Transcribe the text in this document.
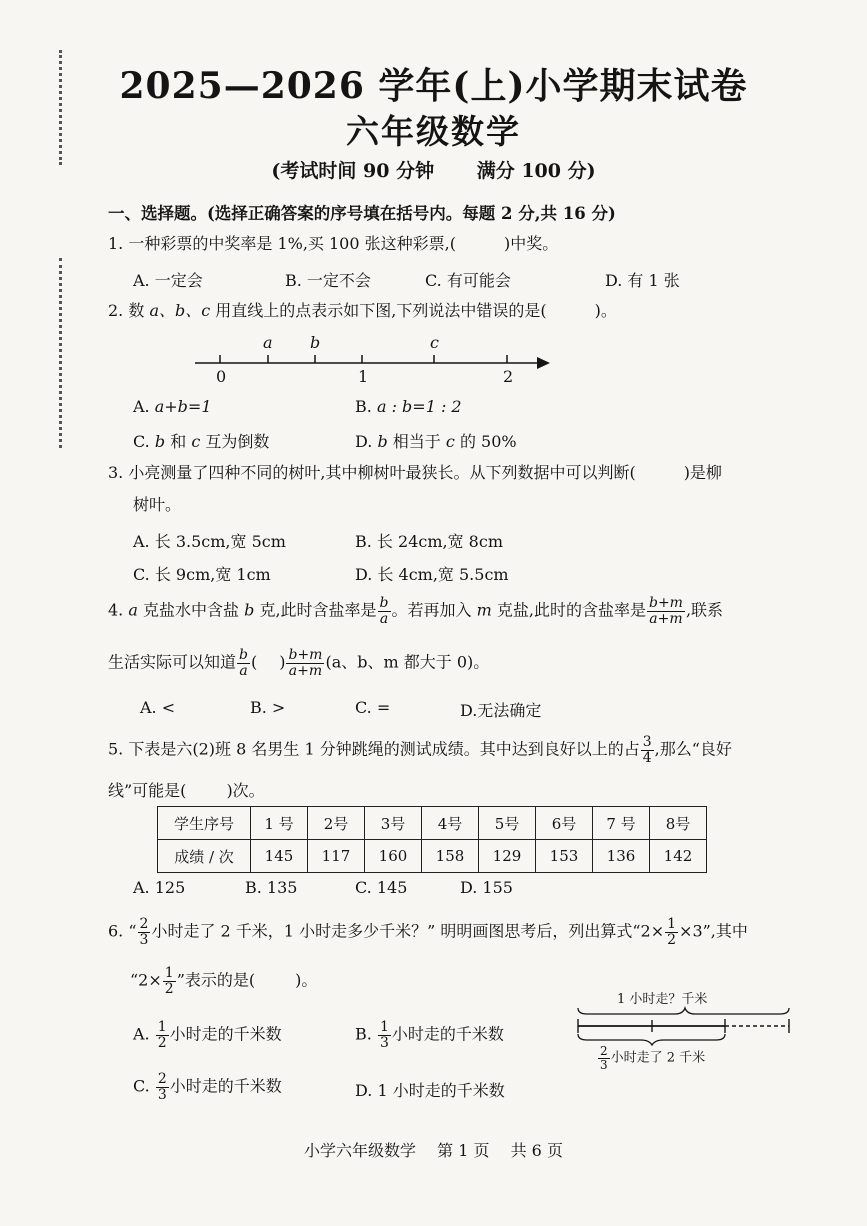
2025—2026 学年(上)小学期末试卷
六年级数学
(考试时间 90 分钟 满分 100 分)
一、选择题。(选择正确答案的序号填在括号内。每题 2 分,共 16 分)
1. 一种彩票的中奖率是 1%,买 100 张这种彩票,(	)中奖。
A. 一定会	B. 一定不会	C. 有可能会	D. 有 1 张
2. 数 a、b、c 用直线上的点表示如下图,下列说法中错误的是(	)。
a b	c
0	1	2
A. a+b=1	B. a : b=1 : 2
C. b 和 c 互为倒数	D. b 相当于 c 的 50%
3. 小亮测量了四种不同的树叶,其中柳树叶最狭长。从下列数据中可以判断(	)是柳
树叶。
A. 长 3.5cm,宽 5cm	B. 长 24cm,宽 8cm
C. 长 9cm,宽 1cm	D. 长 4cm,宽 5.5cm
4. a 克盐水中含盐 b 克,此时含盐率是 $\frac{b}{a}$ 。若再加入 m 克盐,此时的含盐率是 $\frac{b+m}{a+m}$ ,联系
生活实际可以知道 $\frac{b}{a}$ ( ) $\frac{b+m}{a+m} (a$、b、m 都大于 0)。
A. <	B. >	C. =	D.无法确定
5. 下表是六(2)班 8 名男生 1 分钟跳绳的测试成绩。其中达到良好以上的占 $\frac{3}{4}$ ,那么“良好
线”可能是(	)次。
学生序号	1 号	2号	3号	4号	5号	6号	7 号	8号
成绩 / 次	145	117	160	158	129	153	136	142
A. 125	B. 135	C. 145	D. 155
6. “ $\frac{2}{3}$ 小时走了 2 千米，1 小时走多少千米？” 明明画图思考后，列出算式“$2\times \frac{1}{2} \times 3$”,其中
“$2\times \frac{1}{2}$ ”表示的是(	)。
A. $\frac{1}{2}$ 小时走的千米数	B. $\frac{1}{3}$ 小时走的千米数
C. $\frac{2}{3}$ 小时走的千米数	D. 1 小时走的千米数
1 小时走？千米
$\frac{2}{3}$ 小时走了 2 千米
小学六年级数学 第 1 页 共 6 页
